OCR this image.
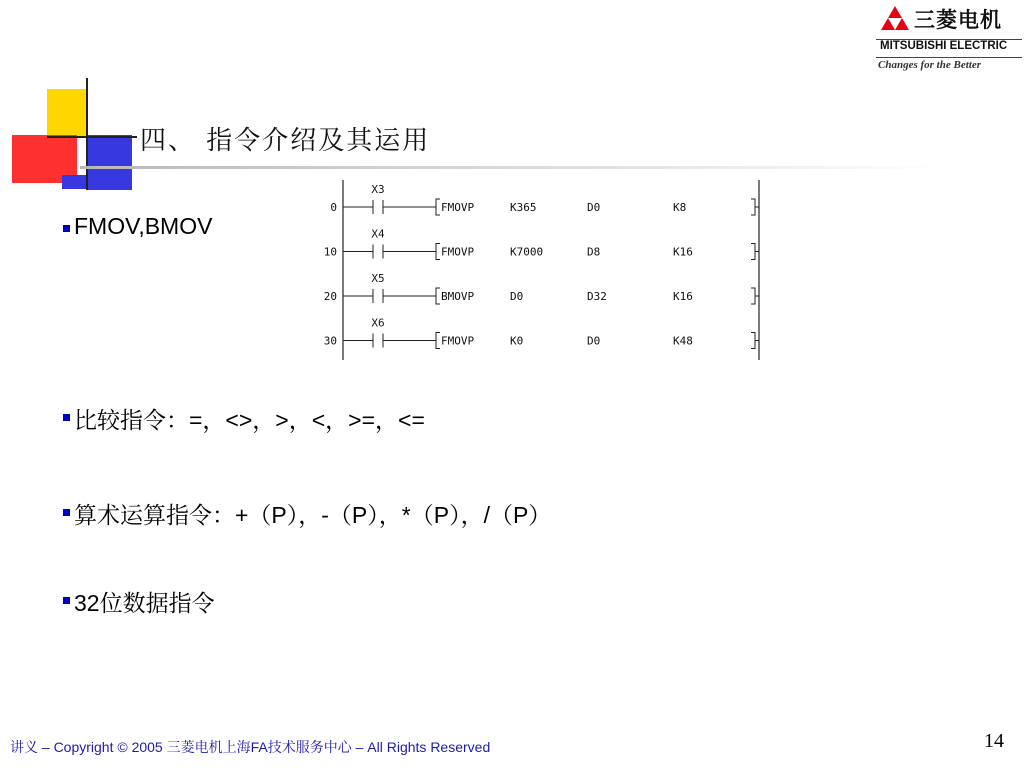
三菱电机
MITSUBISHI ELECTRIC
Changes for the Better
四、 指令介绍及其运用
FMOV,BMOV
比较指令：=，<>，>，<，>=，<=
算术运算指令：+（P），-（P），*（P），/（P）
32位数据指令
0
X3
FMOVP	K365	D0	K8
10
X4
FMOVP	K7000	D8	K16
20
X5
BMOVP	D0	D32	K16
30
X6
FMOVP	K0	D0	K48
讲义 – Copyright © 2005 三菱电机上海FA技术服务中心 – All Rights Reserved	14
